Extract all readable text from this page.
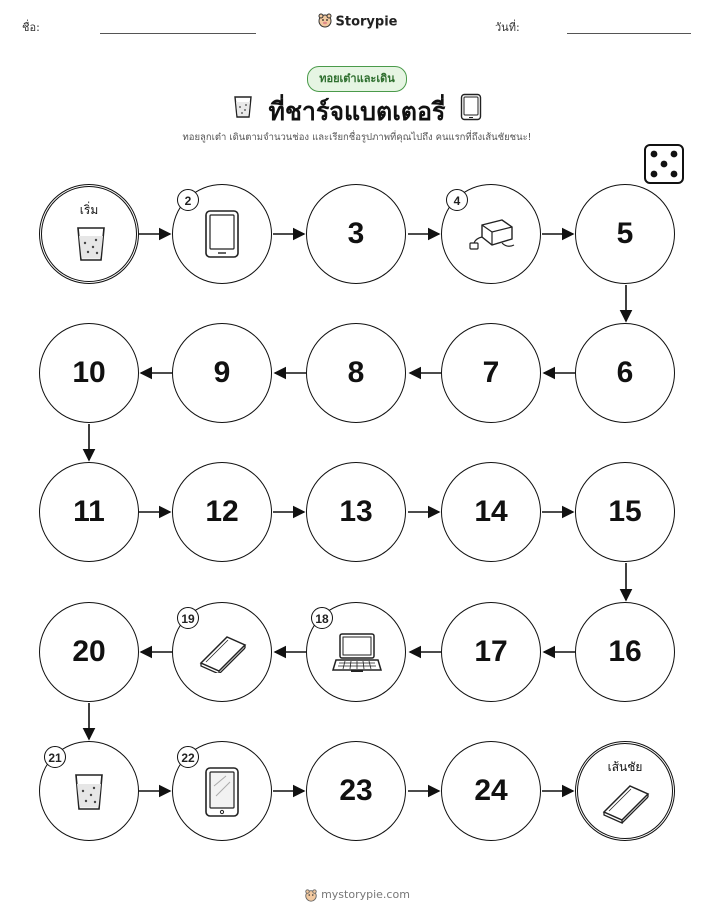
ชื่อ:	Storypie	วันที่:
ทอยเต๋าและเดิน
ที่ชาร์จแบตเตอรี่
ทอยลูกเต๋า เดินตามจำนวนช่อง และเรียกชื่อรูปภาพที่คุณไปถึง คนแรกที่ถึงเส้นชัยชนะ!
เริ่ม
2
3
4
5
6
7
8
9
10
11	12	13	14	15
16
17
18
19
20
21	22
23	24
เส้นชัย
mystorypie.com
